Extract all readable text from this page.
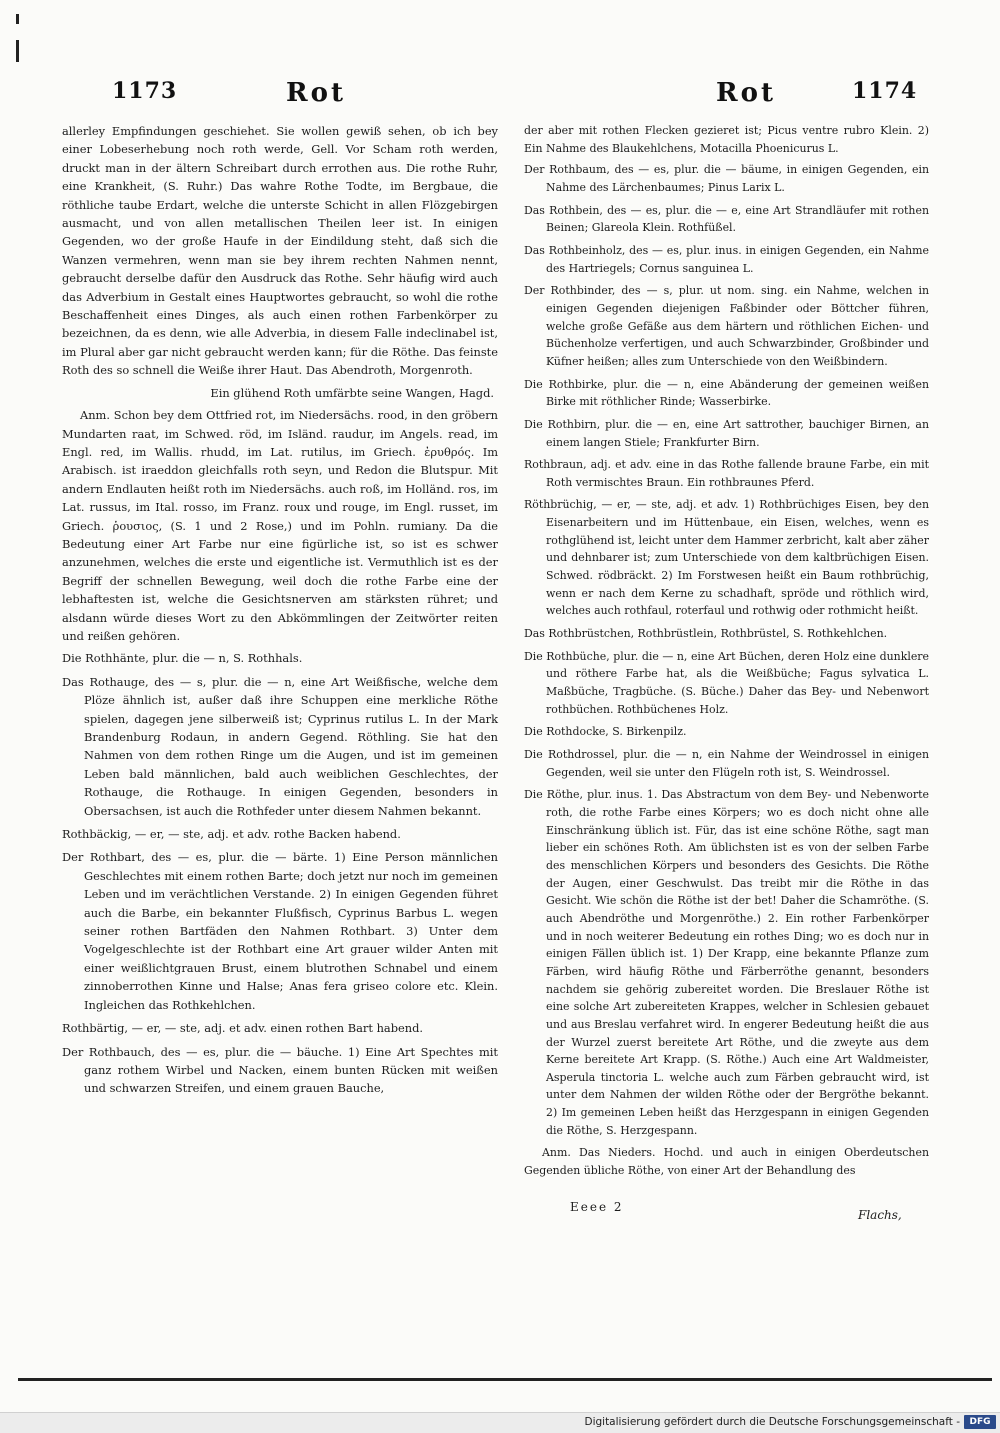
1173	Rot	Rot	1174

allerley Empfindungen geschiehet. Sie wollen gewiß sehen, ob ich bey einer Lobeserhebung noch roth werde, Gell. Vor Scham roth werden, druckt man in der ältern Schreibart durch errothen aus. Die rothe Ruhr, eine Krankheit, (S. Ruhr.) Das wahre Rothe Todte, im Bergbaue, die röthliche taube Erdart, welche die unterste Schicht in allen Flözgebirgen ausmacht, und von allen metallischen Theilen leer ist. In einigen Gegenden, wo der große Haufe in der Eindildung steht, daß sich die Wanzen vermehren, wenn man sie bey ihrem rechten Nahmen nennt, gebraucht derselbe dafür den Ausdruck das Rothe. Sehr häufig wird auch das Adverbium in Gestalt eines Hauptwortes gebraucht, so wohl die rothe Beschaffenheit eines Dinges, als auch einen rothen Farbenkörper zu bezeichnen, da es denn, wie alle Adverbia, in diesem Falle indeclinabel ist, im Plural aber gar nicht gebraucht werden kann; für die Röthe. Das feinste Roth des so schnell die Weiße ihrer Haut. Das Abendroth, Morgenroth.

Ein glühend Roth umfärbte seine Wangen, Hagd.

Anm. Schon bey dem Ottfried rot, im Niedersächs. rood, in den gröbern Mundarten raat, im Schwed. röd, im Isländ. raudur, im Angels. read, im Engl. red, im Wallis. rhudd, im Lat. rutilus, im Griech. ἐρυθρός. Im Arabisch. ist iraeddon gleichfalls roth seyn, und Redon die Blutspur. Mit andern Endlauten heißt roth im Niedersächs. auch roß, im Holländ. ros, im Lat. russus, im Ital. rosso, im Franz. roux und rouge, im Engl. russet, im Griech. ῥουσιος, (S. 1 und 2 Rose,) und im Pohln. rumiany. Da die Bedeutung einer Art Farbe nur eine figürliche ist, so ist es schwer anzunehmen, welches die erste und eigentliche ist. Vermuthlich ist es der Begriff der schnellen Bewegung, weil doch die rothe Farbe eine der lebhaftesten ist, welche die Gesichtsnerven am stärksten rühret; und alsdann würde dieses Wort zu den Abkömmlingen der Zeitwörter reiten und reißen gehören.

Die Rothhänte, plur. die — n, S. Rothhals.

Das Rothauge, des — s, plur. die — n, eine Art Weißfische, welche dem Plöze ähnlich ist, außer daß ihre Schuppen eine merkliche Röthe spielen, dagegen jene silberweiß ist; Cyprinus rutilus L. In der Mark Brandenburg Rodaun, in andern Gegend. Röthling. Sie hat den Nahmen von dem rothen Ringe um die Augen, und ist im gemeinen Leben bald männlichen, bald auch weiblichen Geschlechtes, der Rothauge, die Rothauge. In einigen Gegenden, besonders in Obersachsen, ist auch die Rothfeder unter diesem Nahmen bekannt.

Rothbäckig, — er, — ste, adj. et adv. rothe Backen habend.

Der Rothbart, des — es, plur. die — bärte. 1) Eine Person männlichen Geschlechtes mit einem rothen Barte; doch jetzt nur noch im gemeinen Leben und im verächtlichen Verstande. 2) In einigen Gegenden führet auch die Barbe, ein bekannter Flußfisch, Cyprinus Barbus L. wegen seiner rothen Bartfäden den Nahmen Rothbart. 3) Unter dem Vogelgeschlechte ist der Rothbart eine Art grauer wilder Anten mit einer weißlichtgrauen Brust, einem blutrothen Schnabel und einem zinnoberrothen Kinne und Halse; Anas fera griseo colore etc. Klein. Ingleichen das Rothkehlchen.

Rothbärtig, — er, — ste, adj. et adv. einen rothen Bart habend.

Der Rothbauch, des — es, plur. die — bäuche. 1) Eine Art Spechtes mit ganz rothem Wirbel und Nacken, einem bunten Rücken mit weißen und schwarzen Streifen, und einem grauen Bauche,

der aber mit rothen Flecken gezieret ist; Picus ventre rubro Klein. 2) Ein Nahme des Blaukehlchens, Motacilla Phoenicurus L.

Der Rothbaum, des — es, plur. die — bäume, in einigen Gegenden, ein Nahme des Lärchenbaumes; Pinus Larix L.

Das Rothbein, des — es, plur. die — e, eine Art Strandläufer mit rothen Beinen; Glareola Klein. Rothfüßel.

Das Rothbeinholz, des — es, plur. inus. in einigen Gegenden, ein Nahme des Hartriegels; Cornus sanguinea L.

Der Rothbinder, des — s, plur. ut nom. sing. ein Nahme, welchen in einigen Gegenden diejenigen Faßbinder oder Böttcher führen, welche große Gefäße aus dem härtern und röthlichen Eichen- und Büchenholze verfertigen, und auch Schwarzbinder, Großbinder und Küfner heißen; alles zum Unterschiede von den Weißbindern.

Die Rothbirke, plur. die — n, eine Abänderung der gemeinen weißen Birke mit röthlicher Rinde; Wasserbirke.

Die Rothbirn, plur. die — en, eine Art sattrother, bauchiger Birnen, an einem langen Stiele; Frankfurter Birn.

Rothbraun, adj. et adv. eine in das Rothe fallende braune Farbe, ein mit Roth vermischtes Braun. Ein rothbraunes Pferd.

Röthbrüchig, — er, — ste, adj. et adv. 1) Rothbrüchiges Eisen, bey den Eisenarbeitern und im Hüttenbaue, ein Eisen, welches, wenn es rothglühend ist, leicht unter dem Hammer zerbricht, kalt aber zäher und dehnbarer ist; zum Unterschiede von dem kaltbrüchigen Eisen. Schwed. rödbräckt. 2) Im Forstwesen heißt ein Baum rothbrüchig, wenn er nach dem Kerne zu schadhaft, spröde und röthlich wird, welches auch rothfaul, roterfaul und rothwig oder rothmicht heißt.

Das Rothbrüstchen, Rothbrüstlein, Rothbrüstel, S. Rothkehlchen.

Die Rothbüche, plur. die — n, eine Art Büchen, deren Holz eine dunklere und röthere Farbe hat, als die Weißbüche; Fagus sylvatica L. Maßbüche, Tragbüche. (S. Büche.) Daher das Bey- und Nebenwort rothbüchen. Rothbüchenes Holz.

Die Rothdocke, S. Birkenpilz.

Die Rothdrossel, plur. die — n, ein Nahme der Weindrossel in einigen Gegenden, weil sie unter den Flügeln roth ist, S. Weindrossel.

Die Röthe, plur. inus. 1. Das Abstractum von dem Bey- und Nebenworte roth, die rothe Farbe eines Körpers; wo es doch nicht ohne alle Einschränkung üblich ist. Für, das ist eine schöne Röthe, sagt man lieber ein schönes Roth. Am üblichsten ist es von der selben Farbe des menschlichen Körpers und besonders des Gesichts. Die Röthe der Augen, einer Geschwulst. Das treibt mir die Röthe in das Gesicht. Wie schön die Röthe ist der bet! Daher die Schamröthe. (S. auch Abendröthe und Morgenröthe.) 2. Ein rother Farbenkörper und in noch weiterer Bedeutung ein rothes Ding; wo es doch nur in einigen Fällen üblich ist. 1) Der Krapp, eine bekannte Pflanze zum Färben, wird häufig Röthe und Färberröthe genannt, besonders nachdem sie gehörig zubereitet worden. Die Breslauer Röthe ist eine solche Art zubereiteten Krappes, welcher in Schlesien gebauet und aus Breslau verfahret wird. In engerer Bedeutung heißt die aus der Wurzel zuerst bereitete Art Röthe, und die zweyte aus dem Kerne bereitete Art Krapp. (S. Röthe.) Auch eine Art Waldmeister, Asperula tinctoria L. welche auch zum Färben gebraucht wird, ist unter dem Nahmen der wilden Röthe oder der Bergröthe bekannt. 2) Im gemeinen Leben heißt das Herzgespann in einigen Gegenden die Röthe, S. Herzgespann.

Anm. Das Nieders. Hochd. und auch in einigen Oberdeutschen Gegenden übliche Röthe, von einer Art der Behandlung des

Eeee 2
Flachs,
Digitalisierung gefördert durch die Deutsche Forschungsgemeinschaft -	DFG
